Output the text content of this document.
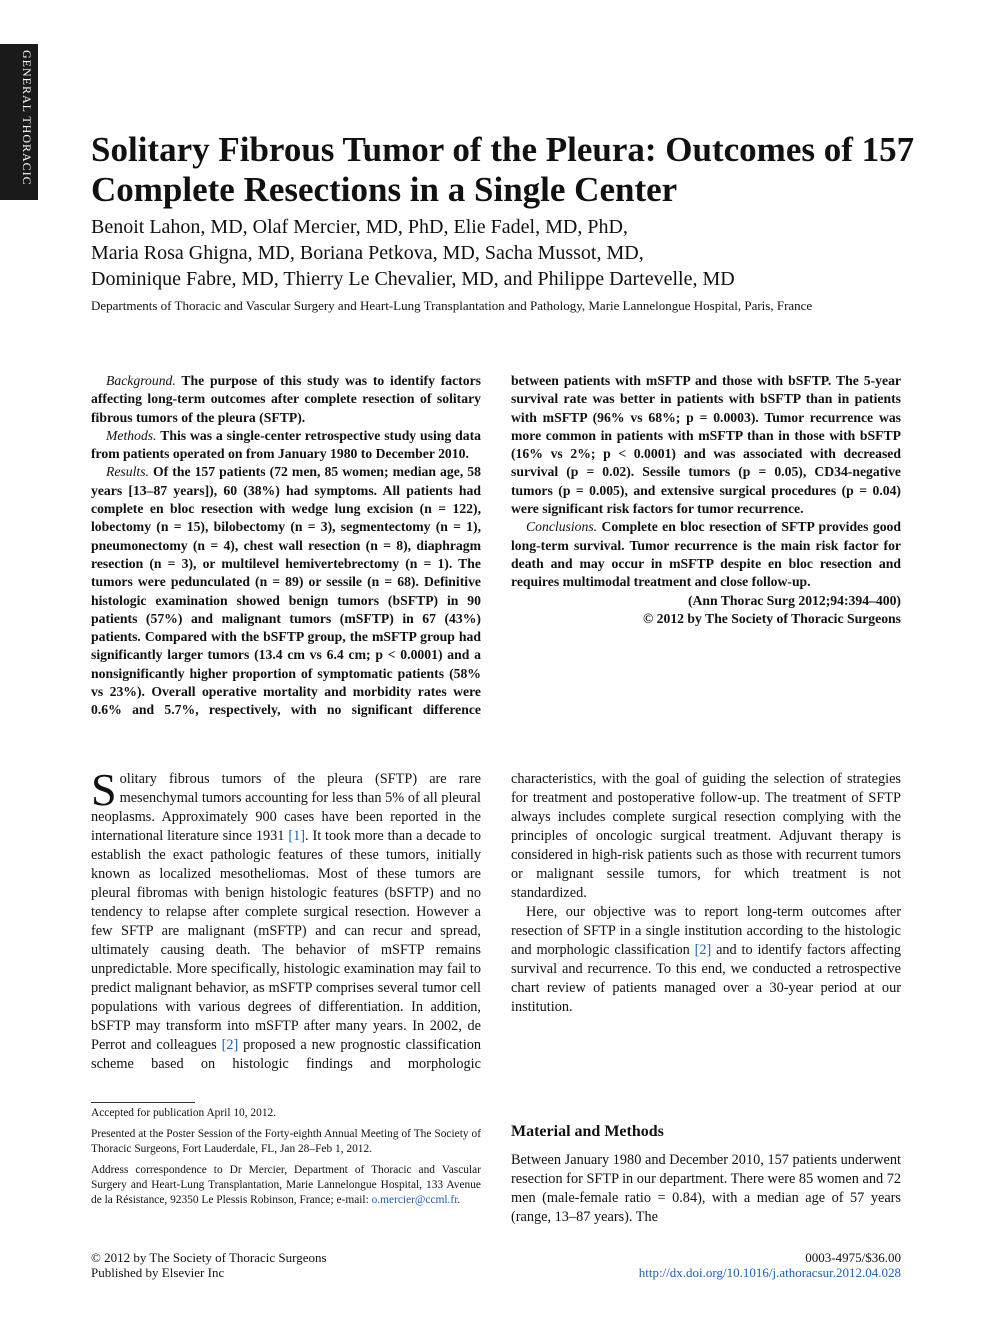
GENERAL THORACIC Solitary Fibrous Tumor of the Pleura: Outcomes of 157 Complete Resections in a Single Center
Benoit Lahon, MD, Olaf Mercier, MD, PhD, Elie Fadel, MD, PhD,
Maria Rosa Ghigna, MD, Boriana Petkova, MD, Sacha Mussot, MD,
Dominique Fabre, MD, Thierry Le Chevalier, MD, and Philippe Dartevelle, MD
Departments of Thoracic and Vascular Surgery and Heart-Lung Transplantation and Pathology, Marie Lannelongue Hospital, Paris, France

Background. The purpose of this study was to identify factors affecting long-term outcomes after complete resection of solitary fibrous tumors of the pleura (SFTP).

Methods. This was a single-center retrospective study using data from patients operated on from January 1980 to December 2010.

Results. Of the 157 patients (72 men, 85 women; median age, 58 years [13–87 years]), 60 (38%) had symptoms. All patients had complete en bloc resection with wedge lung excision (n = 122), lobectomy (n = 15), bilobectomy (n = 3), segmentectomy (n = 1), pneumonectomy (n = 4), chest wall resection (n = 8), diaphragm resection (n = 3), or multilevel hemivertebrectomy (n = 1). The tumors were pedunculated (n = 89) or sessile (n = 68). Definitive histologic examination showed benign tumors (bSFTP) in 90 patients (57%) and malignant tumors (mSFTP) in 67 (43%) patients. Compared with the bSFTP group, the mSFTP group had significantly larger tumors (13.4 cm vs 6.4 cm; p < 0.0001) and a nonsignificantly higher proportion of symptomatic patients (58% vs 23%). Overall operative mortality and morbidity rates were 0.6% and 5.7%, respectively, with no significant difference between patients with mSFTP and those with bSFTP. The 5-year survival rate was better in patients with bSFTP than in patients with mSFTP (96% vs 68%; p = 0.0003). Tumor recurrence was more common in patients with mSFTP than in those with bSFTP (16% vs 2%; p < 0.0001) and was associated with decreased survival (p = 0.02). Sessile tumors (p = 0.05), CD34-negative tumors (p = 0.005), and extensive surgical procedures (p = 0.04) were significant risk factors for tumor recurrence.

Conclusions. Complete en bloc resection of SFTP provides good long-term survival. Tumor recurrence is the main risk factor for death and may occur in mSFTP despite en bloc resection and requires multimodal treatment and close follow-up.

(Ann Thorac Surg 2012;94:394–400)

© 2012 by The Society of Thoracic Surgeons

Solitary fibrous tumors of the pleura (SFTP) are rare mesenchymal tumors accounting for less than 5% of all pleural neoplasms. Approximately 900 cases have been reported in the international literature since 1931 [1]. It took more than a decade to establish the exact pathologic features of these tumors, initially known as localized mesotheliomas. Most of these tumors are pleural fibromas with benign histologic features (bSFTP) and no tendency to relapse after complete surgical resection. However a few SFTP are malignant (mSFTP) and can recur and spread, ultimately causing death. The behavior of mSFTP remains unpredictable. More specifically, histologic examination may fail to predict malignant behavior, as mSFTP comprises several tumor cell populations with various degrees of differentiation. In addition, bSFTP may transform into mSFTP after many years. In 2002, de Perrot and colleagues [2] proposed a new prognostic classification scheme based on histologic findings and morphologic characteristics, with the goal of guiding the selection of strategies for treatment and postoperative follow-up. The treatment of SFTP always includes complete surgical resection complying with the principles of oncologic surgical treatment. Adjuvant therapy is considered in high-risk patients such as those with recurrent tumors or malignant sessile tumors, for which treatment is not standardized.

Here, our objective was to report long-term outcomes after resection of SFTP in a single institution according to the histologic and morphologic classification [2] and to identify factors affecting survival and recurrence. To this end, we conducted a retrospective chart review of patients managed over a 30-year period at our institution.

Accepted for publication April 10, 2012.

Presented at the Poster Session of the Forty-eighth Annual Meeting of The Society of Thoracic Surgeons, Fort Lauderdale, FL, Jan 28–Feb 1, 2012.

Address correspondence to Dr Mercier, Department of Thoracic and Vascular Surgery and Heart-Lung Transplantation, Marie Lannelongue Hospital, 133 Avenue de la Résistance, 92350 Le Plessis Robinson, France; e-mail: o.mercier@ccml.fr.

Material and Methods

Between January 1980 and December 2010, 157 patients underwent resection for SFTP in our department. There were 85 women and 72 men (male-female ratio = 0.84), with a median age of 57 years (range, 13–87 years). The

© 2012 by The Society of Thoracic Surgeons
Published by Elsevier Inc
0003-4975/$36.00
http://dx.doi.org/10.1016/j.athoracsur.2012.04.028
